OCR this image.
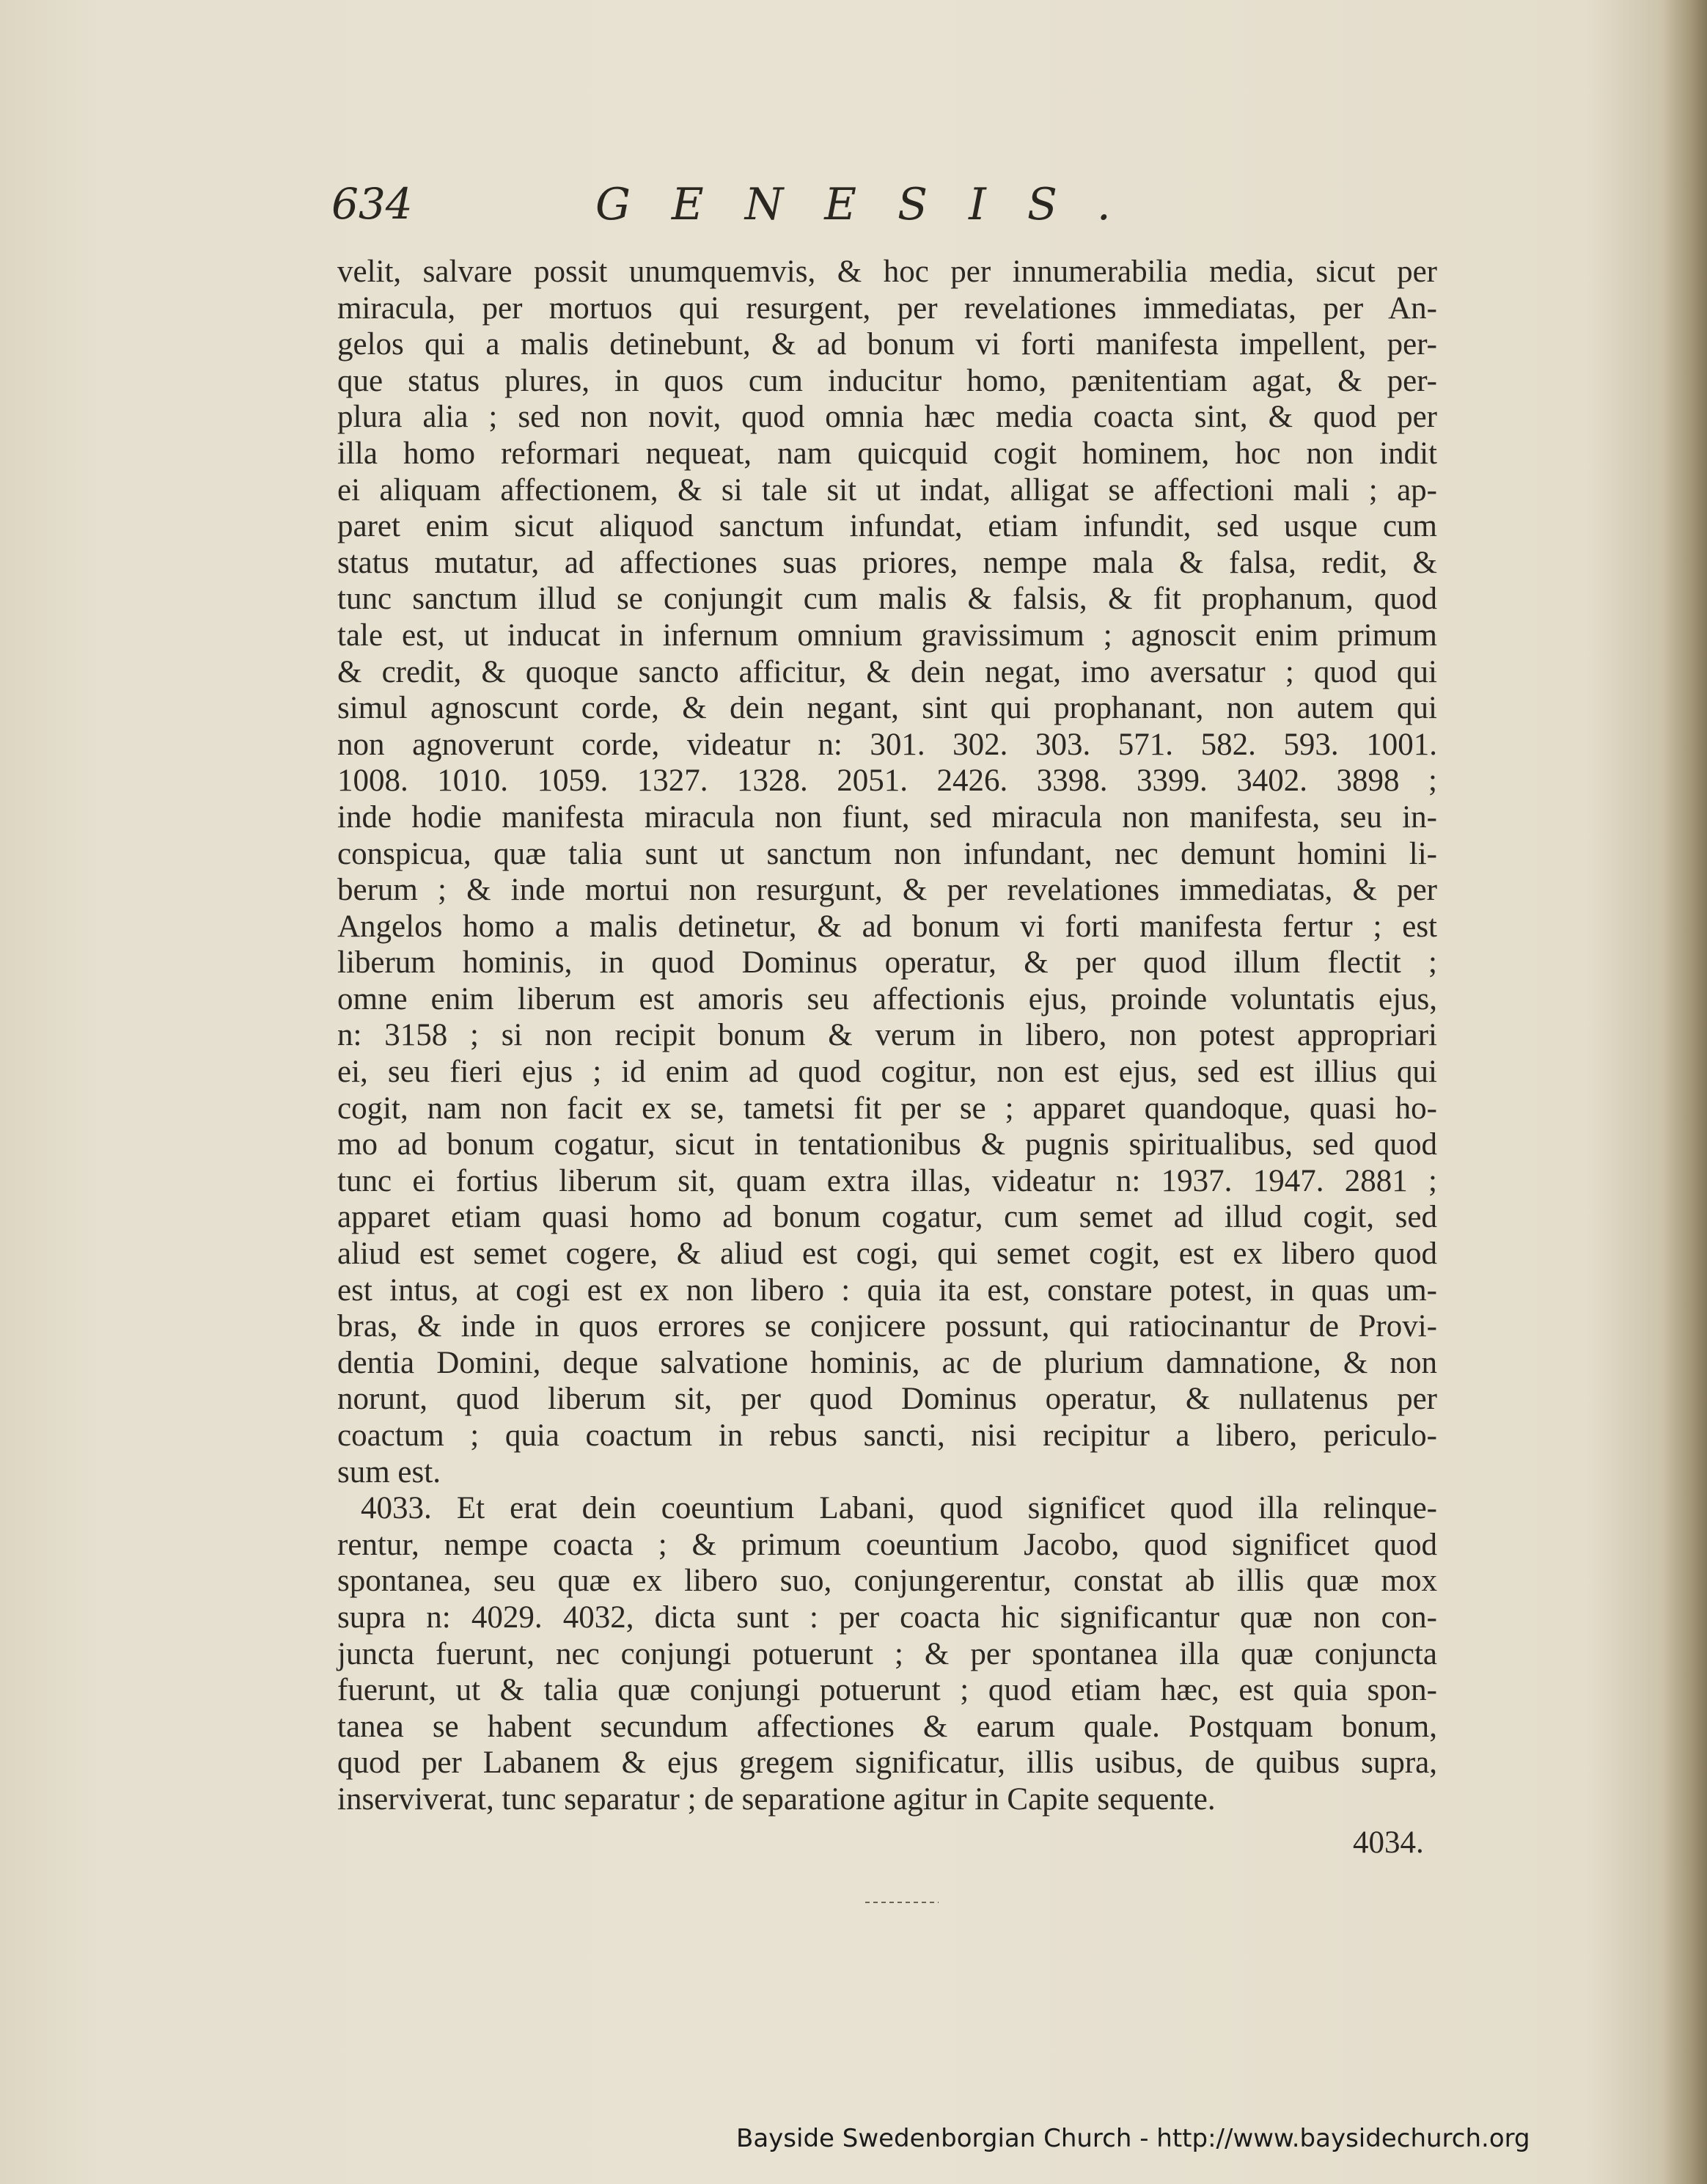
634	GENESIS.
velit, salvare possit unumquemvis, & hoc per innumerabilia media, sicut per
miracula, per mortuos qui resurgent, per revelationes immediatas, per An-
gelos qui a malis detinebunt, & ad bonum vi forti manifesta impellent, per-
que status plures, in quos cum inducitur homo, pænitentiam agat, & per-
plura alia ; sed non novit, quod omnia hæc media coacta sint, & quod per
illa homo reformari nequeat, nam quicquid cogit hominem, hoc non indit
ei aliquam affectionem, & si tale sit ut indat, alligat se affectioni mali ; ap-
paret enim sicut aliquod sanctum infundat, etiam infundit, sed usque cum
status mutatur, ad affectiones suas priores, nempe mala & falsa, redit, &
tunc sanctum illud se conjungit cum malis & falsis, & fit prophanum, quod
tale est, ut inducat in infernum omnium gravissimum ; agnoscit enim primum
& credit, & quoque sancto afficitur, & dein negat, imo aversatur ; quod qui
simul agnoscunt corde, & dein negant, sint qui prophanant, non autem qui
non agnoverunt corde, videatur n: 301. 302. 303. 571. 582. 593. 1001.
1008. 1010. 1059. 1327. 1328. 2051. 2426. 3398. 3399. 3402. 3898 ;
inde hodie manifesta miracula non fiunt, sed miracula non manifesta, seu in-
conspicua, quæ talia sunt ut sanctum non infundant, nec demunt homini li-
berum ; & inde mortui non resurgunt, & per revelationes immediatas, & per
Angelos homo a malis detinetur, & ad bonum vi forti manifesta fertur ; est
liberum hominis, in quod Dominus operatur, & per quod illum flectit ;
omne enim liberum est amoris seu affectionis ejus, proinde voluntatis ejus,
n: 3158 ; si non recipit bonum & verum in libero, non potest appropriari
ei, seu fieri ejus ; id enim ad quod cogitur, non est ejus, sed est illius qui
cogit, nam non facit ex se, tametsi fit per se ; apparet quandoque, quasi ho-
mo ad bonum cogatur, sicut in tentationibus & pugnis spiritualibus, sed quod
tunc ei fortius liberum sit, quam extra illas, videatur n: 1937. 1947. 2881 ;
apparet etiam quasi homo ad bonum cogatur, cum semet ad illud cogit, sed
aliud est semet cogere, & aliud est cogi, qui semet cogit, est ex libero quod
est intus, at cogi est ex non libero : quia ita est, constare potest, in quas um-
bras, & inde in quos errores se conjicere possunt, qui ratiocinantur de Provi-
dentia Domini, deque salvatione hominis, ac de plurium damnatione, & non
norunt, quod liberum sit, per quod Dominus operatur, & nullatenus per
coactum ; quia coactum in rebus sancti, nisi recipitur a libero, periculo-
sum est.
4033. Et erat dein coeuntium Labani, quod significet quod illa relinque-
rentur, nempe coacta ; & primum coeuntium Jacobo, quod significet quod
spontanea, seu quæ ex libero suo, conjungerentur, constat ab illis quæ mox
supra n: 4029. 4032, dicta sunt : per coacta hic significantur quæ non con-
juncta fuerunt, nec conjungi potuerunt ; & per spontanea illa quæ conjuncta
fuerunt, ut & talia quæ conjungi potuerunt ; quod etiam hæc, est quia spon-
tanea se habent secundum affectiones & earum quale. Postquam bonum,
quod per Labanem & ejus gregem significatur, illis usibus, de quibus supra,
inserviverat, tunc separatur ; de separatione agitur in Capite sequente.
4034.
Bayside Swedenborgian Church - http://www.baysidechurch.org
